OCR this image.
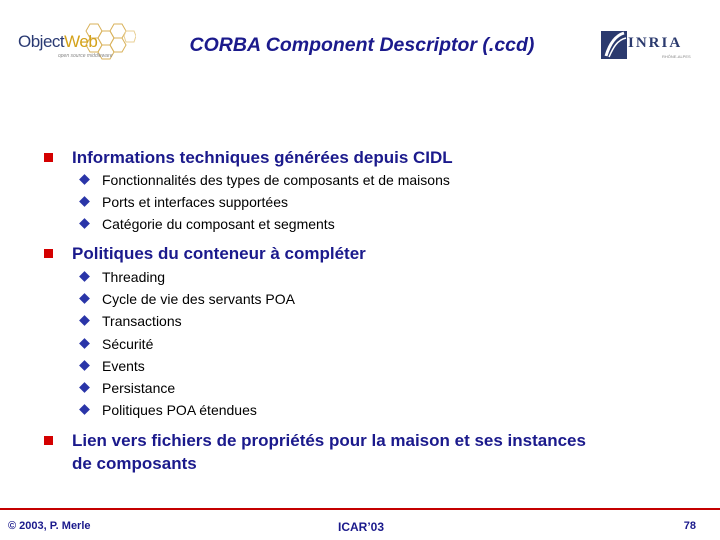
ObjectWeb
open source middleware	CORBA Component Descriptor (.ccd)	INRIA
RHÔNE-ALPES
Informations techniques générées depuis CIDL
Fonctionnalités des types de composants et de maisons
Ports et interfaces supportées
Catégorie du composant et segments
Politiques du conteneur à compléter
Threading
Cycle de vie des servants POA
Transactions
Sécurité
Events
Persistance
Politiques POA étendues
Lien vers fichiers de propriétés pour la maison et ses instances
de composants
© 2003, P. Merle	ICAR’03	78
